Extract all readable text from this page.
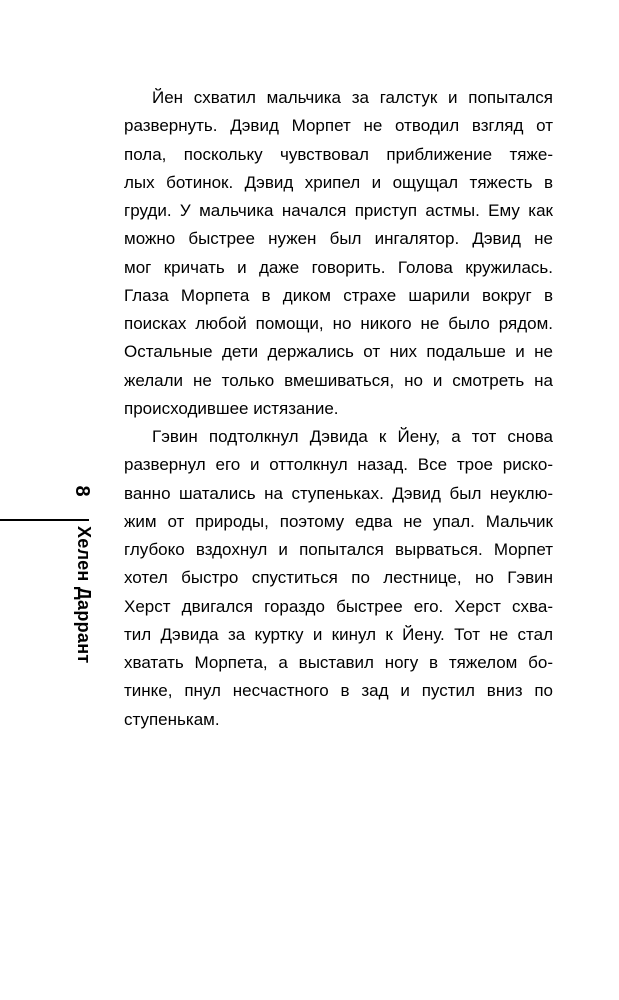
Йен схватил мальчика за галстук и попытался
развернуть. Дэвид Морпет не отводил взгляд от
пола, поскольку чувствовал приближение тяже-
лых ботинок. Дэвид хрипел и ощущал тяжесть в
груди. У мальчика начался приступ астмы. Ему как
можно быстрее нужен был ингалятор. Дэвид не
мог кричать и даже говорить. Голова кружилась.
Глаза Морпета в диком страхе шарили вокруг в
поисках любой помощи, но никого не было рядом.
Остальные дети держались от них подальше и не
желали не только вмешиваться, но и смотреть на
происходившее истязание.
Гэвин подтолкнул Дэвида к Йену, а тот снова
развернул его и оттолкнул назад. Все трое риско-
ванно шатались на ступеньках. Дэвид был неуклю-
жим от природы, поэтому едва не упал. Мальчик
глубоко вздохнул и попытался вырваться. Морпет
хотел быстро спуститься по лестнице, но Гэвин
Херст двигался гораздо быстрее его. Херст схва-
тил Дэвида за куртку и кинул к Йену. Тот не стал
хватать Морпета, а выставил ногу в тяжелом бо-
тинке, пнул несчастного в зад и пустил вниз по
ступенькам.
8
Хелен Даррант
